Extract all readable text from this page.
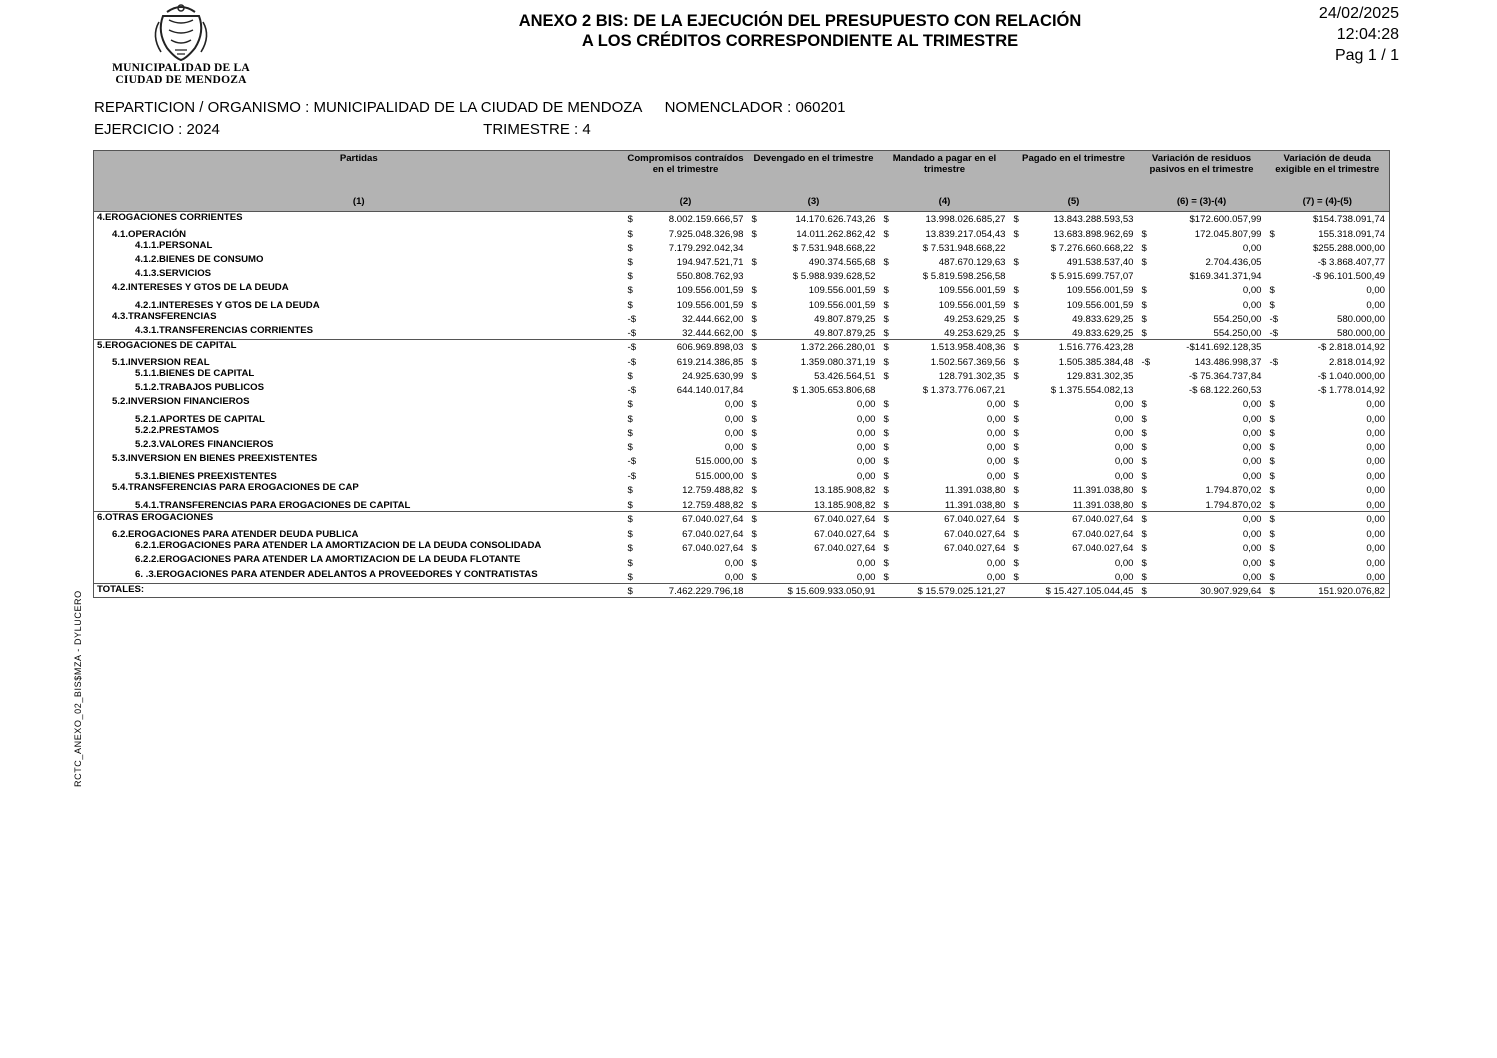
MUNICIPALIDAD DE LA
CIUDAD DE MENDOZA
ANEXO 2 BIS: DE LA EJECUCIÓN DEL PRESUPUESTO CON RELACIÓN
A LOS CRÉDITOS CORRESPONDIENTE AL TRIMESTRE
24/02/2025
12:04:28
Pag 1 / 1
REPARTICION / ORGANISMO : MUNICIPALIDAD DE LA CIUDAD DE MENDOZA NOMENCLADOR : 060201
EJERCICIO : 2024	TRIMESTRE : 4
RCTC_ANEXO_02_BIS$MZA - DYLUCERO
Partidas	Compromisos contraídos en el trimestre	Devengado en el trimestre	Mandado a pagar en el trimestre	Pagado en el trimestre	Variación de residuos pasivos en el trimestre	Variación de deuda exigible en el trimestre
(1)	(2)	(3)	(4)	(5)	(6) = (3)-(4)	(7) = (4)-(5)
4.EROGACIONES CORRIENTES	$ 8.002.159.666,57	$ 14.170.626.743,26	$ 13.998.026.685,27	$ 13.843.288.593,53	$172.600.057,99	$154.738.091,74

4.1.OPERACIÓN	$ 7.925.048.326,98	$ 14.011.262.862,42	$ 13.839.217.054,43	$ 13.683.898.962,69	$ 172.045.807,99	$ 155.318.091,74

4.1.1.PERSONAL	$ 7.179.292.042,34	$ 7.531.948.668,22	$ 7.531.948.668,22	$ 7.276.660.668,22	$ 0,00	$255.288.000,00

4.1.2.BIENES DE CONSUMO	$ 194.947.521,71	$ 490.374.565,68	$ 487.670.129,63	$ 491.538.537,40	$ 2.704.436,05	-$ 3.868.407,77

4.1.3.SERVICIOS	$ 550.808.762,93	$ 5.988.939.628,52	$ 5.819.598.256,58	$ 5.915.699.757,07	$169.341.371,94	-$ 96.101.500,49

4.2.INTERESES Y GTOS DE LA DEUDA	$ 109.556.001,59	$ 109.556.001,59	$ 109.556.001,59	$ 109.556.001,59	$ 0,00	$ 0,00

4.2.1.INTERESES Y GTOS DE LA DEUDA	$ 109.556.001,59	$ 109.556.001,59	$ 109.556.001,59	$ 109.556.001,59	$ 0,00	$ 0,00

4.3.TRANSFERENCIAS	-$ 32.444.662,00	$ 49.807.879,25	$ 49.253.629,25	$ 49.833.629,25	$ 554.250,00	-$ 580.000,00

4.3.1.TRANSFERENCIAS CORRIENTES	-$ 32.444.662,00	$ 49.807.879,25	$ 49.253.629,25	$ 49.833.629,25	$ 554.250,00	-$ 580.000,00

5.EROGACIONES DE CAPITAL	-$ 606.969.898,03	$ 1.372.266.280,01	$ 1.513.958.408,36	$ 1.516.776.423,28	-$141.692.128,35	-$ 2.818.014,92

5.1.INVERSION REAL	-$ 619.214.386,85	$ 1.359.080.371,19	$ 1.502.567.369,56	$ 1.505.385.384,48	-$ 143.486.998,37	-$ 2.818.014,92

5.1.1.BIENES DE CAPITAL	$ 24.925.630,99	$ 53.426.564,51	$ 128.791.302,35	$ 129.831.302,35	-$ 75.364.737,84	-$ 1.040.000,00

5.1.2.TRABAJOS PUBLICOS	-$ 644.140.017,84	$ 1.305.653.806,68	$ 1.373.776.067,21	$ 1.375.554.082,13	-$ 68.122.260,53	-$ 1.778.014,92

5.2.INVERSION FINANCIEROS	$ 0,00	$ 0,00	$ 0,00	$ 0,00	$ 0,00	$ 0,00

5.2.1.APORTES DE CAPITAL	$ 0,00	$ 0,00	$ 0,00	$ 0,00	$ 0,00	$ 0,00

5.2.2.PRESTAMOS	$ 0,00	$ 0,00	$ 0,00	$ 0,00	$ 0,00	$ 0,00

5.2.3.VALORES FINANCIEROS	$ 0,00	$ 0,00	$ 0,00	$ 0,00	$ 0,00	$ 0,00

5.3.INVERSION EN BIENES PREEXISTENTES	-$ 515.000,00	$ 0,00	$ 0,00	$ 0,00	$ 0,00	$ 0,00

5.3.1.BIENES PREEXISTENTES	-$ 515.000,00	$ 0,00	$ 0,00	$ 0,00	$ 0,00	$ 0,00

5.4.TRANSFERENCIAS PARA EROGACIONES DE CAP	$ 12.759.488,82	$ 13.185.908,82	$ 11.391.038,80	$ 11.391.038,80	$ 1.794.870,02	$ 0,00

5.4.1.TRANSFERENCIAS PARA EROGACIONES DE CAPITAL	$ 12.759.488,82	$ 13.185.908,82	$ 11.391.038,80	$ 11.391.038,80	$ 1.794.870,02	$ 0,00

6.OTRAS EROGACIONES	$ 67.040.027,64	$ 67.040.027,64	$ 67.040.027,64	$ 67.040.027,64	$ 0,00	$ 0,00

6.2.EROGACIONES PARA ATENDER DEUDA PUBLICA	$ 67.040.027,64	$ 67.040.027,64	$ 67.040.027,64	$ 67.040.027,64	$ 0,00	$ 0,00

6.2.1.EROGACIONES PARA ATENDER LA AMORTIZACION DE LA DEUDA CONSOLIDADA	$ 67.040.027,64	$ 67.040.027,64	$ 67.040.027,64	$ 67.040.027,64	$ 0,00	$ 0,00

6.2.2.EROGACIONES PARA ATENDER LA AMORTIZACION DE LA DEUDA FLOTANTE	$ 0,00	$ 0,00	$ 0,00	$ 0,00	$ 0,00	$ 0,00

6. .3.EROGACIONES PARA ATENDER ADELANTOS A PROVEEDORES Y CONTRATISTAS	$ 0,00	$ 0,00	$ 0,00	$ 0,00	$ 0,00	$ 0,00

TOTALES:	$ 7.462.229.796,18	$ 15.609.933.050,91	$ 15.579.025.121,27	$ 15.427.105.044,45	$ 30.907.929,64	$ 151.920.076,82
